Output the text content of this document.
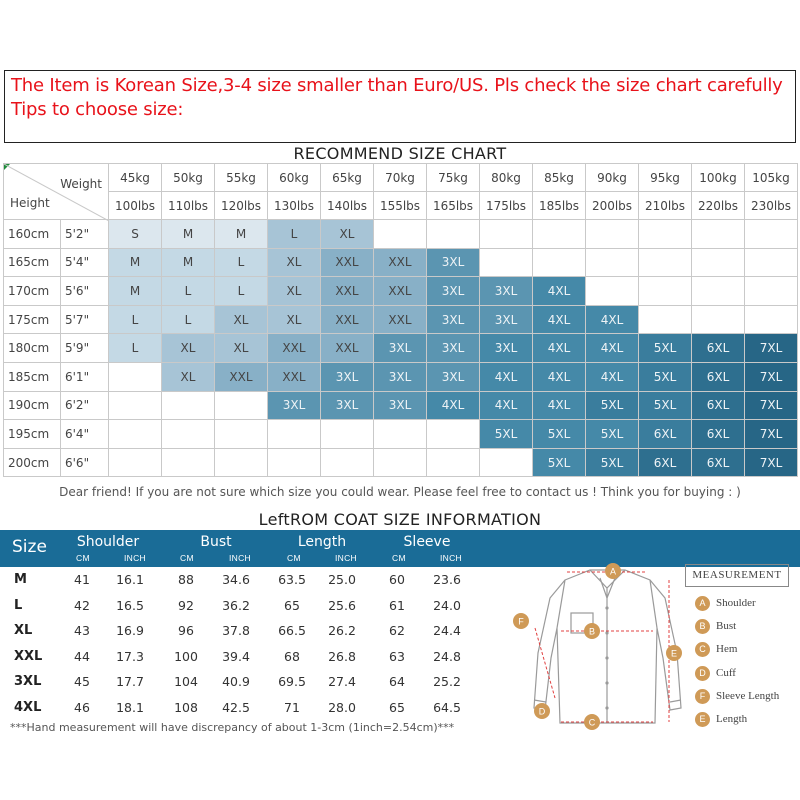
The Item is Korean Size,3-4 size smaller than Euro/US. Pls check the size chart carefully
Tips to choose size:
RECOMMEND SIZE CHART
Weight
Height		45kg	50kg	55kg	60kg	65kg	70kg	75kg	80kg	85kg	90kg	95kg	100kg	105kg
		100lbs	110lbs	120lbs	130lbs	140lbs	155lbs	165lbs	175lbs	185lbs	200lbs	210lbs	220lbs	230lbs
160cm	5'2"	S	M	M	L	XL								
165cm	5'4"	M	M	L	XL	XXL	XXL	3XL						
170cm	5'6"	M	L	L	XL	XXL	XXL	3XL	3XL	4XL				
175cm	5'7"	L	L	XL	XL	XXL	XXL	3XL	3XL	4XL	4XL			
180cm	5'9"	L	XL	XL	XXL	XXL	3XL	3XL	3XL	4XL	4XL	5XL	6XL	7XL
185cm	6'1"		XL	XXL	XXL	3XL	3XL	3XL	4XL	4XL	4XL	5XL	6XL	7XL
190cm	6'2"				3XL	3XL	3XL	4XL	4XL	4XL	5XL	5XL	6XL	7XL
195cm	6'4"								5XL	5XL	5XL	6XL	6XL	7XL
200cm	6'6"									5XL	5XL	6XL	6XL	7XL
Dear friend! If you are not sure which size you could wear. Please feel free to contact us ! Think you for buying : )
LeftROM COAT SIZE INFORMATION
Size	Shoulder	Bust	Length	Sleeve
CM	INCH	CM	INCH	CM	INCH	CM	INCH
M	41	16.1	88	34.6	63.5	25.0	60	23.6
L	42	16.5	92	36.2	65	25.6	61	24.0
XL	43	16.9	96	37.8	66.5	26.2	62	24.4
XXL	44	17.3	100	39.4	68	26.8	63	24.8
3XL	45	17.7	104	40.9	69.5	27.4	64	25.2
4XL	46	18.1	108	42.5	71	28.0	65	64.5
***Hand measurement will have discrepancy of about 1-3cm (1inch=2.54cm)***
A
B
C
D
F
E
MEASUREMENT
A Shoulder
B Bust
C Hem
D Cuff
F Sleeve Length
E Length
